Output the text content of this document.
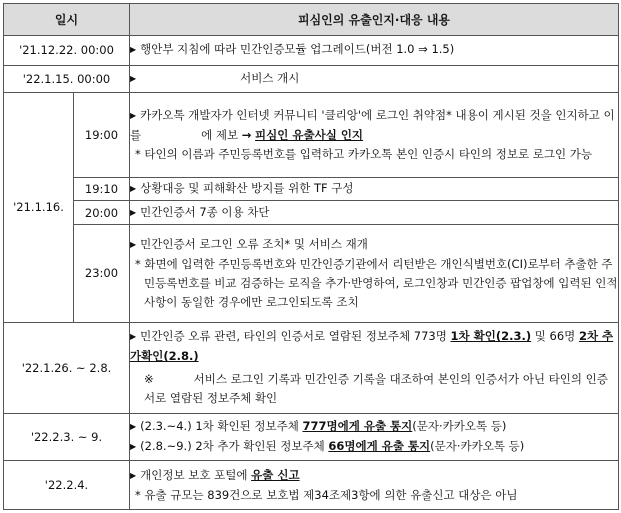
일시		피심인의 유출인지·대응 내용
'21.12.22. 00:00		▶ 행안부 지침에 따라 민간인증모듈 업그레이드(버전 1.0 ⇒ 1.5)

'22.1.15. 00:00		▶ 서비스 개시

'21.1.16.	19:00	▶ 카카오톡 개발자가 인터넷 커뮤니티 '클리앙'에 로그인 취약점* 내용이 게시된 것을 인지하고 이를 에 제보 → 피심인 유출사실 인지
* 타인의 이름과 주민등록번호를 입력하고 카카오톡 본인 인증시 타인의 정보로 로그인 가능

	19:10	▶ 상황대응 및 피해확산 방지를 위한 TF 구성

	20:00	▶ 민간인증서 7종 이용 차단

	23:00	▶ 민간인증서 로그인 오류 조치* 및 서비스 재개
* 화면에 입력한 주민등록번호와 민간인증기관에서 리턴받은 개인식별번호(CI)로부터 추출한 주민등록번호를 비교 검증하는 로직을 추가·반영하여, 로그인창과 민간인증 팝업창에 입력된 인적사항이 동일한 경우에만 로그인되도록 조치

'22.1.26. ~ 2.8.		▶ 민간인증 오류 관련, 타인의 인증서로 열람된 정보주체 773명 1차 확인(2.3.) 및 66명 2차 추가확인(2.8.)
※ 서비스 로그인 기록과 민간인증 기록을 대조하여 본인의 인증서가 아닌 타인의 인증서로 열람된 정보주체 확인

'22.2.3. ~ 9.		▶ (2.3.~4.) 1차 확인된 정보주체 777명에게 유출 통지(문자·카카오톡 등)
▶ (2.8.~9.) 2차 추가 확인된 정보주체 66명에게 유출 통지(문자·카카오톡 등)

'22.2.4.		▶ 개인정보 보호 포털에 유출 신고
* 유출 규모는 839건으로 보호법 제34조제3항에 의한 유출신고 대상은 아님
